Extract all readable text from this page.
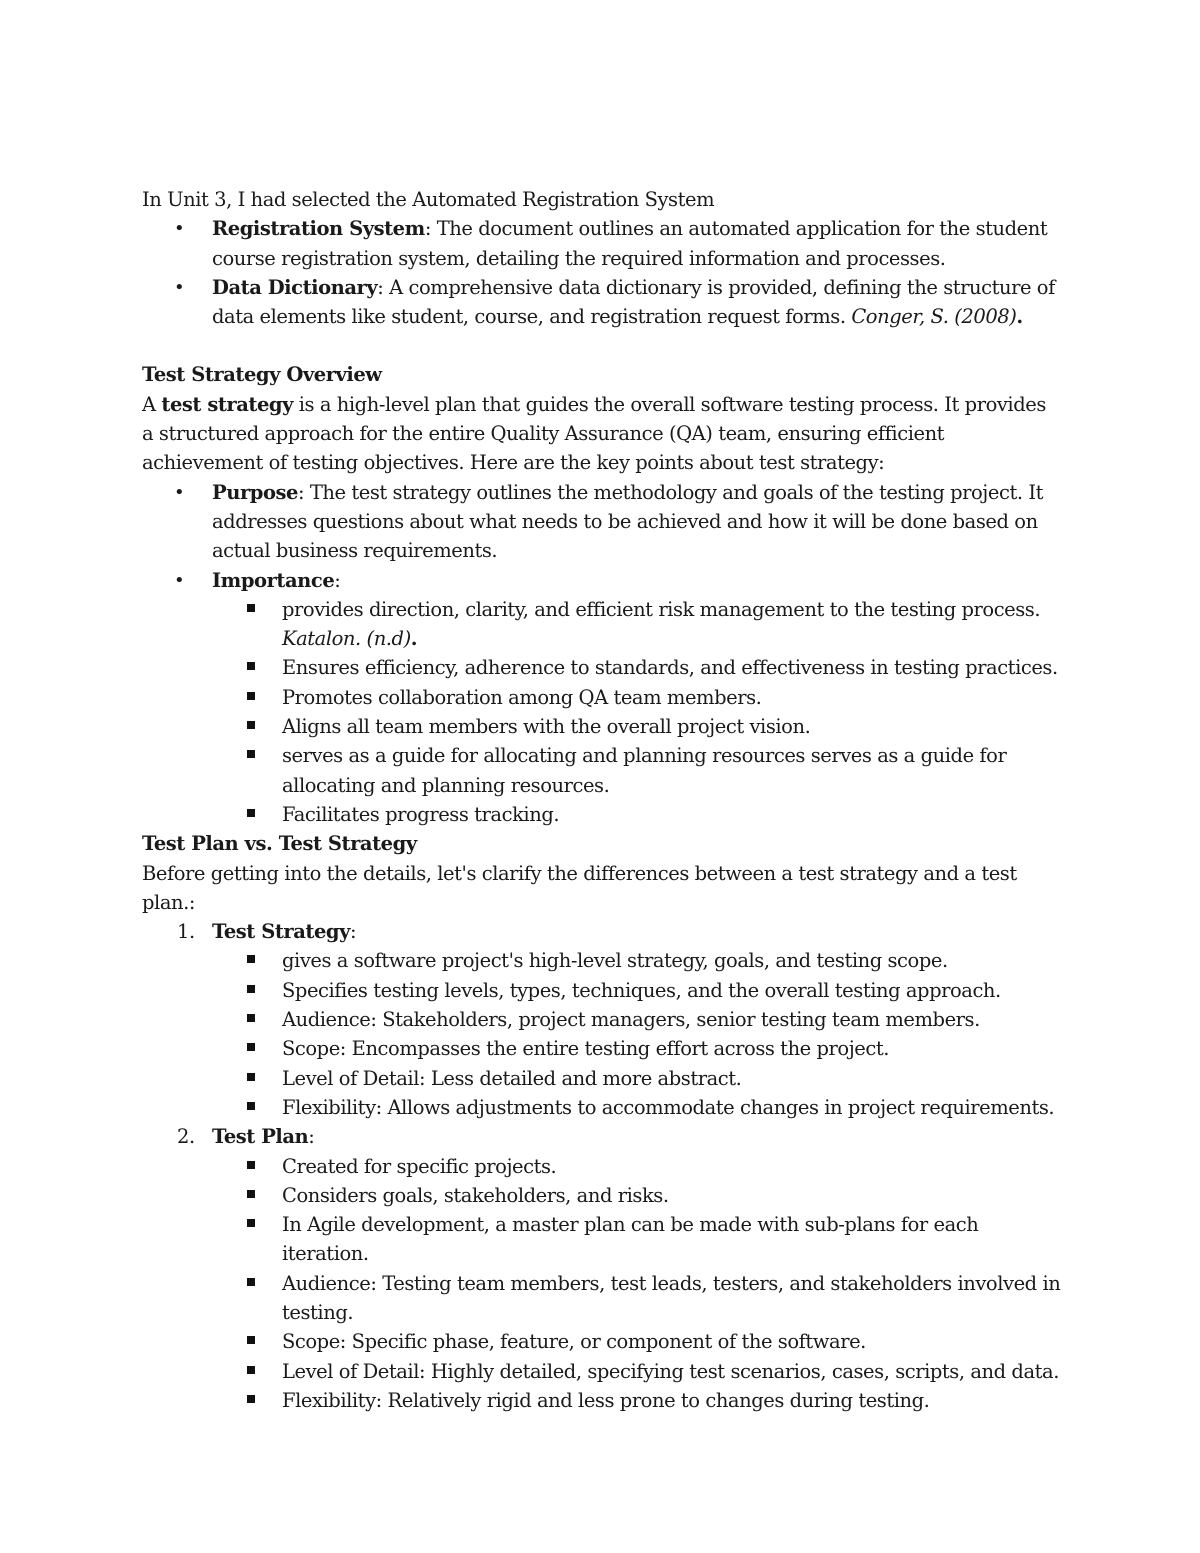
In Unit 3, I had selected the Automated Registration System

• Registration System: The document outlines an automated application for the student course registration system, detailing the required information and processes.
• Data Dictionary: A comprehensive data dictionary is provided, defining the structure of data elements like student, course, and registration request forms. Conger, S. (2008).

Test Strategy Overview

A test strategy is a high-level plan that guides the overall software testing process. It provides a structured approach for the entire Quality Assurance (QA) team, ensuring efficient achievement of testing objectives. Here are the key points about test strategy:

• Purpose: The test strategy outlines the methodology and goals of the testing project. It addresses questions about what needs to be achieved and how it will be done based on actual business requirements.
• Importance:
provides direction, clarity, and efficient risk management to the testing process. Katalon. (n.d).
Ensures efficiency, adherence to standards, and effectiveness in testing practices.
Promotes collaboration among QA team members.
Aligns all team members with the overall project vision.
serves as a guide for allocating and planning resources serves as a guide for allocating and planning resources.
Facilitates progress tracking.

Test Plan vs. Test Strategy

Before getting into the details, let's clarify the differences between a test strategy and a test plan.:

1. Test Strategy:
gives a software project's high-level strategy, goals, and testing scope.
Specifies testing levels, types, techniques, and the overall testing approach.
Audience: Stakeholders, project managers, senior testing team members.
Scope: Encompasses the entire testing effort across the project.
Level of Detail: Less detailed and more abstract.
Flexibility: Allows adjustments to accommodate changes in project requirements.
2. Test Plan:
Created for specific projects.
Considers goals, stakeholders, and risks.
In Agile development, a master plan can be made with sub-plans for each iteration.
Audience: Testing team members, test leads, testers, and stakeholders involved in testing.
Scope: Specific phase, feature, or component of the software.
Level of Detail: Highly detailed, specifying test scenarios, cases, scripts, and data.
Flexibility: Relatively rigid and less prone to changes during testing.
